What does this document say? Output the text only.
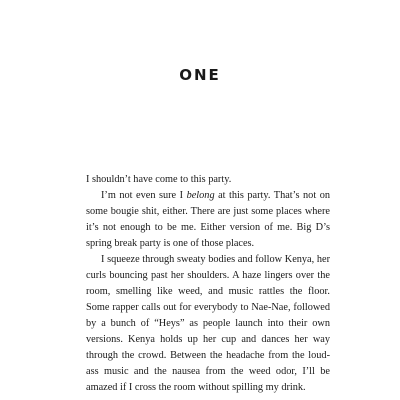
ONE

I shouldn’t have come to this party.

I’m not even sure I belong at this party. That’s not on some bougie shit, either. There are just some places where it’s not enough to be me. Either version of me. Big D’s spring break party is one of those places.

I squeeze through sweaty bodies and follow Kenya, her curls bouncing past her shoulders. A haze lingers over the room, smelling like weed, and music rattles the floor. Some rapper calls out for everybody to Nae-Nae, followed by a bunch of “Heys” as people launch into their own versions. Kenya holds up her cup and dances her way through the crowd. Between the headache from the loud-ass music and the nausea from the weed odor, I’ll be amazed if I cross the room without spilling my drink.
